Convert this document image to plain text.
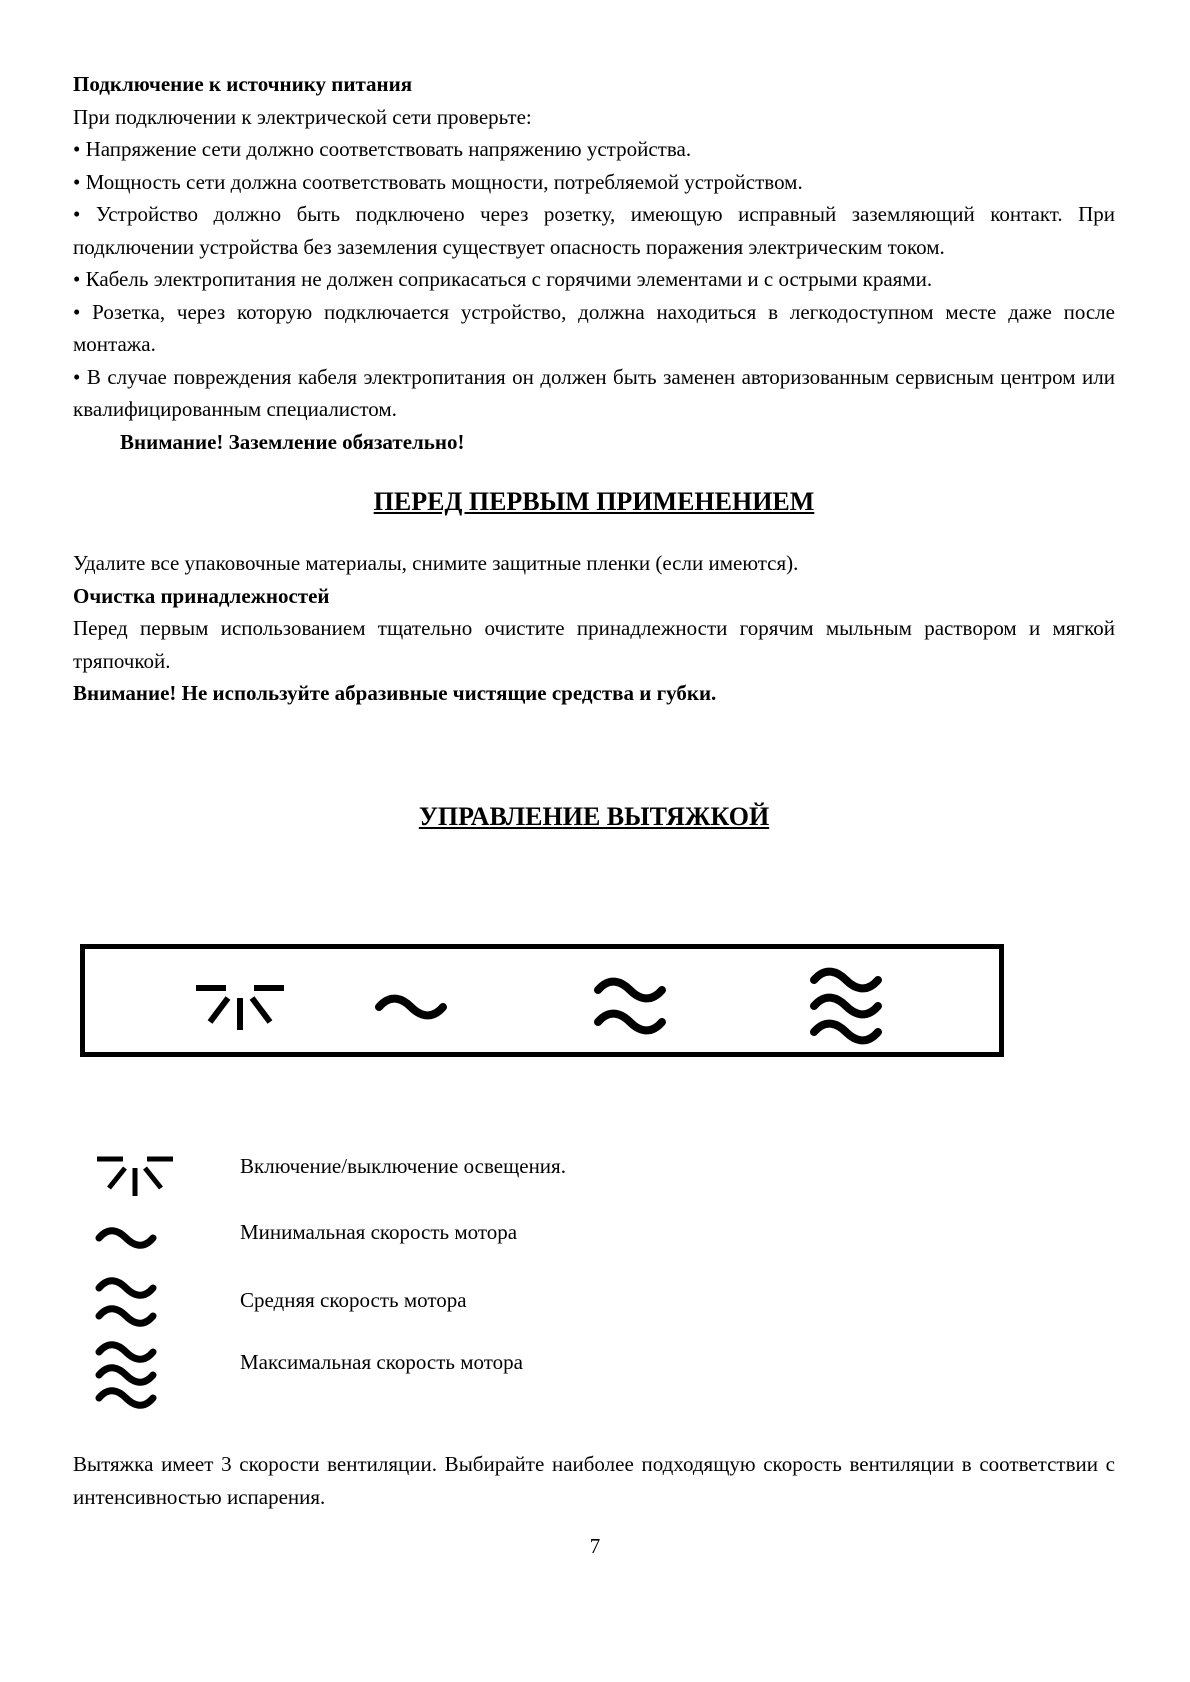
Подключение к источнику питания

При подключении к электрической сети проверьте:

• Напряжение сети должно соответствовать напряжению устройства.

• Мощность сети должна соответствовать мощности, потребляемой устройством.

• Устройство должно быть подключено через розетку, имеющую исправный заземляющий контакт. При подключении устройства без заземления существует опасность поражения электрическим током.

• Кабель электропитания не должен соприкасаться с горячими элементами и с острыми краями.

• Розетка, через которую подключается устройство, должна находиться в легкодоступном месте даже после монтажа.

• В случае повреждения кабеля электропитания он должен быть заменен авторизованным сервисным центром или квалифицированным специалистом.

Внимание! Заземление обязательно!

ПЕРЕД ПЕРВЫМ ПРИМЕНЕНИЕМ

Удалите все упаковочные материалы, снимите защитные пленки (если имеются).

Очистка принадлежностей

Перед первым использованием тщательно очистите принадлежности горячим мыльным раствором и мягкой тряпочкой.

Внимание! Не используйте абразивные чистящие средства и губки.

УПРАВЛЕНИЕ ВЫТЯЖКОЙ

Включение/выключение освещения.
Минимальная скорость мотора
Средняя скорость мотора
Максимальная скорость мотора

Вытяжка имеет 3 скорости вентиляции. Выбирайте наиболее подходящую скорость вентиляции в соответствии с интенсивностью испарения.

7
